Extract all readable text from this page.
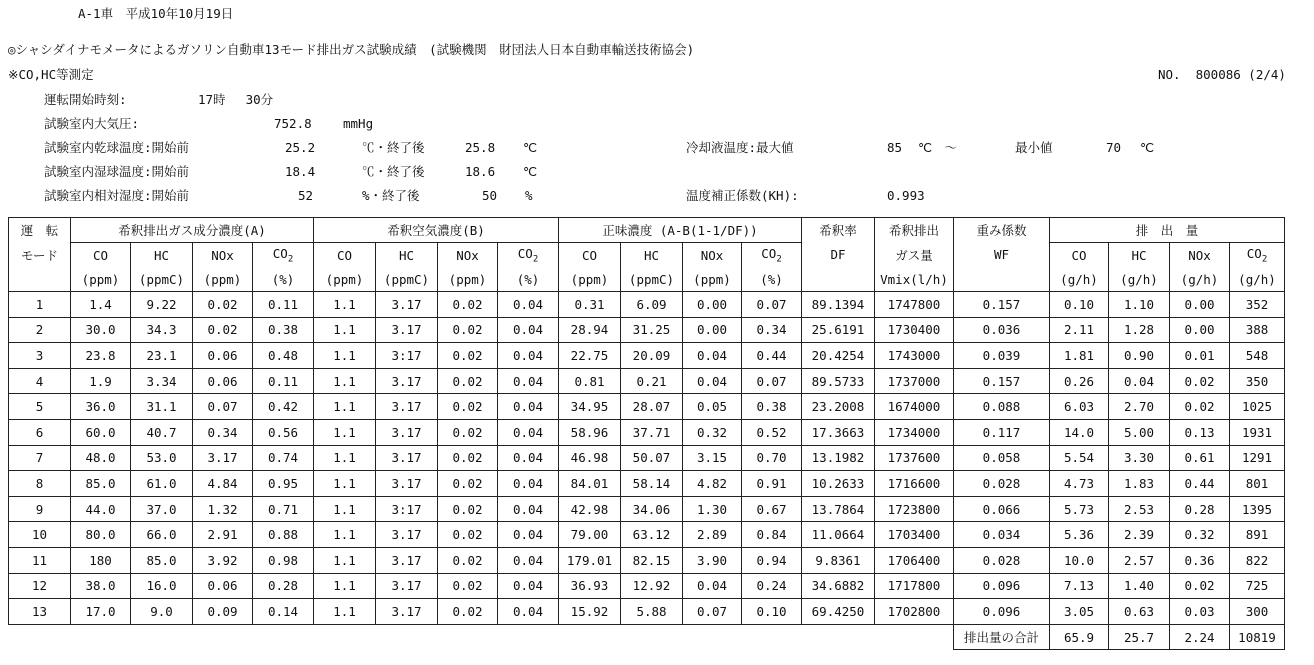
A-1車　平成10年10月19日
◎シャシダイナモメータによるガソリン自動車13モード排出ガス試験成績　(試験機関　財団法人日本自動車輸送技術協会)
※CO,HC等測定	NO.  800086 (2/4)
運転開始時刻:	17時　 30分
試験室内大気圧:	752.8	mmHg
試験室内乾球温度:開始前	25.2	℃・終了後	25.8 ℃
試験室内湿球温度:開始前	18.4	℃・終了後	18.6 ℃
試験室内相対湿度:開始前	52	%・終了後	50 %
冷却液温度:最大値	85 ℃　～	最小値	70 ℃
温度補正係数(KH):	0.993
運　転	希釈排出ガス成分濃度(A)				希釈空気濃度(B)				正味濃度 (A-B(1-1/DF))				希釈率	希釈排出	重み係数	排　出　量			
モード	CO	HC	NOx	$CO_2$	CO	HC	NOx	$CO_2$	CO	HC	NOx	$CO_2$	DF	ガス量	WF	CO	HC	NOx	$CO_2$
	(ppm)	(ppmC)	(ppm)	(%)	(ppm)	(ppmC)	(ppm)	(%)	(ppm)	(ppmC)	(ppm)	(%)		Vmix(l/h)		(g/h)	(g/h)	(g/h)	(g/h)
1	1.4	9.22	0.02	0.11	1.1	3.17	0.02	0.04	0.31	6.09	0.00	0.07	89.1394	1747800	0.157	0.10	1.10	0.00	352
2	30.0	34.3	0.02	0.38	1.1	3.17	0.02	0.04	28.94	31.25	0.00	0.34	25.6191	1730400	0.036	2.11	1.28	0.00	388
3	23.8	23.1	0.06	0.48	1.1	3:17	0.02	0.04	22.75	20.09	0.04	0.44	20.4254	1743000	0.039	1.81	0.90	0.01	548
4	1.9	3.34	0.06	0.11	1.1	3.17	0.02	0.04	0.81	0.21	0.04	0.07	89.5733	1737000	0.157	0.26	0.04	0.02	350
5	36.0	31.1	0.07	0.42	1.1	3.17	0.02	0.04	34.95	28.07	0.05	0.38	23.2008	1674000	0.088	6.03	2.70	0.02	1025
6	60.0	40.7	0.34	0.56	1.1	3.17	0.02	0.04	58.96	37.71	0.32	0.52	17.3663	1734000	0.117	14.0	5.00	0.13	1931
7	48.0	53.0	3.17	0.74	1.1	3.17	0.02	0.04	46.98	50.07	3.15	0.70	13.1982	1737600	0.058	5.54	3.30	0.61	1291
8	85.0	61.0	4.84	0.95	1.1	3.17	0.02	0.04	84.01	58.14	4.82	0.91	10.2633	1716600	0.028	4.73	1.83	0.44	801
9	44.0	37.0	1.32	0.71	1.1	3:17	0.02	0.04	42.98	34.06	1.30	0.67	13.7864	1723800	0.066	5.73	2.53	0.28	1395
10	80.0	66.0	2.91	0.88	1.1	3.17	0.02	0.04	79.00	63.12	2.89	0.84	11.0664	1703400	0.034	5.36	2.39	0.32	891
11	180	85.0	3.92	0.98	1.1	3.17	0.02	0.04	179.01	82.15	3.90	0.94	9.8361	1706400	0.028	10.0	2.57	0.36	822
12	38.0	16.0	0.06	0.28	1.1	3.17	0.02	0.04	36.93	12.92	0.04	0.24	34.6882	1717800	0.096	7.13	1.40	0.02	725
13	17.0	9.0	0.09	0.14	1.1	3.17	0.02	0.04	15.92	5.88	0.07	0.10	69.4250	1702800	0.096	3.05	0.63	0.03	300
															排出量の合計	65.9	25.7	2.24	10819
